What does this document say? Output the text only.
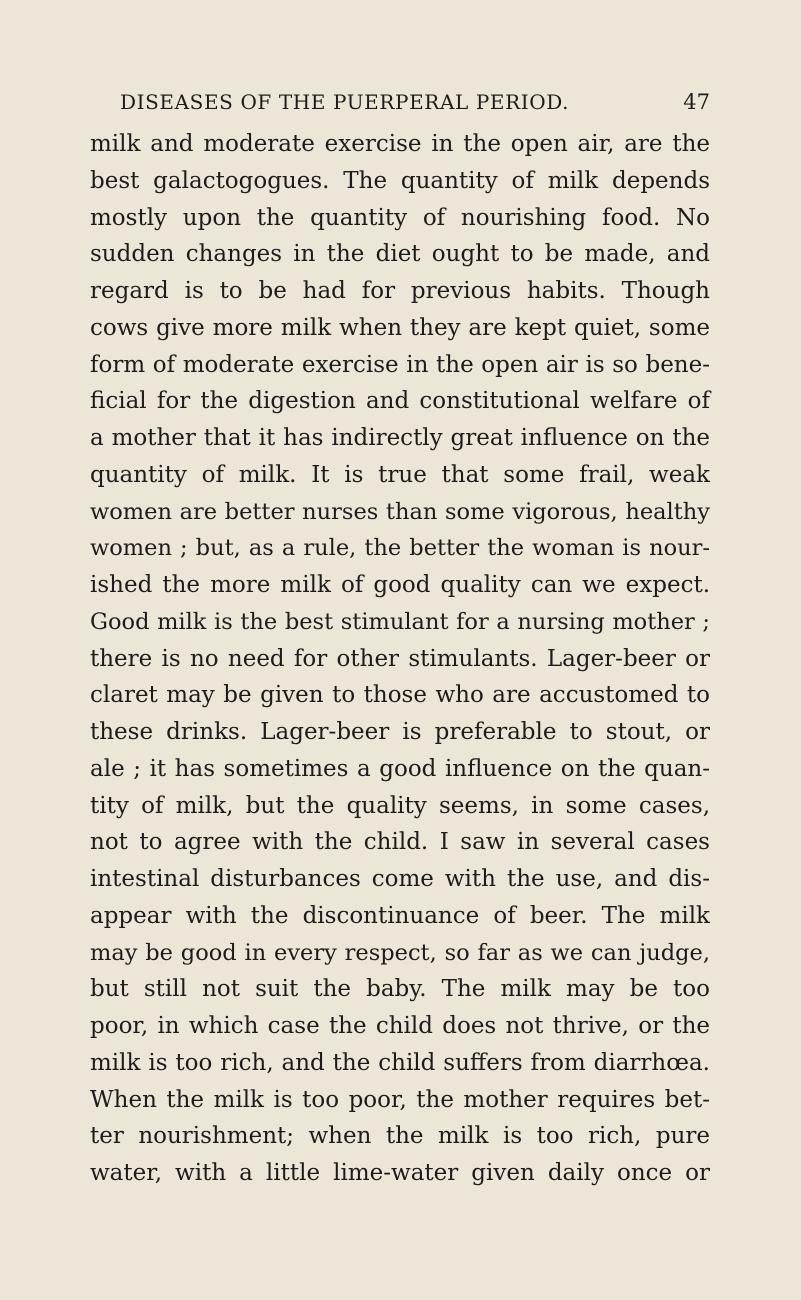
DISEASES OF THE PUERPERAL PERIOD.	47
milk and moderate exercise in the open air, are the
best galactogogues. The quantity of milk depends
mostly upon the quantity of nourishing food. No
sudden changes in the diet ought to be made, and
regard is to be had for previous habits. Though
cows give more milk when they are kept quiet, some
form of moderate exercise in the open air is so bene-
ficial for the digestion and constitutional welfare of
a mother that it has indirectly great influence on the
quantity of milk. It is true that some frail, weak
women are better nurses than some vigorous, healthy
women ; but, as a rule, the better the woman is nour-
ished the more milk of good quality can we expect.
Good milk is the best stimulant for a nursing mother ;
there is no need for other stimulants. Lager-beer or
claret may be given to those who are accustomed to
these drinks. Lager-beer is preferable to stout, or
ale ; it has sometimes a good influence on the quan-
tity of milk, but the quality seems, in some cases,
not to agree with the child. I saw in several cases
intestinal disturbances come with the use, and dis-
appear with the discontinuance of beer. The milk
may be good in every respect, so far as we can judge,
but still not suit the baby. The milk may be too
poor, in which case the child does not thrive, or the
milk is too rich, and the child suffers from diarrhœa.
When the milk is too poor, the mother requires bet-
ter nourishment; when the milk is too rich, pure
water, with a little lime-water given daily once or
